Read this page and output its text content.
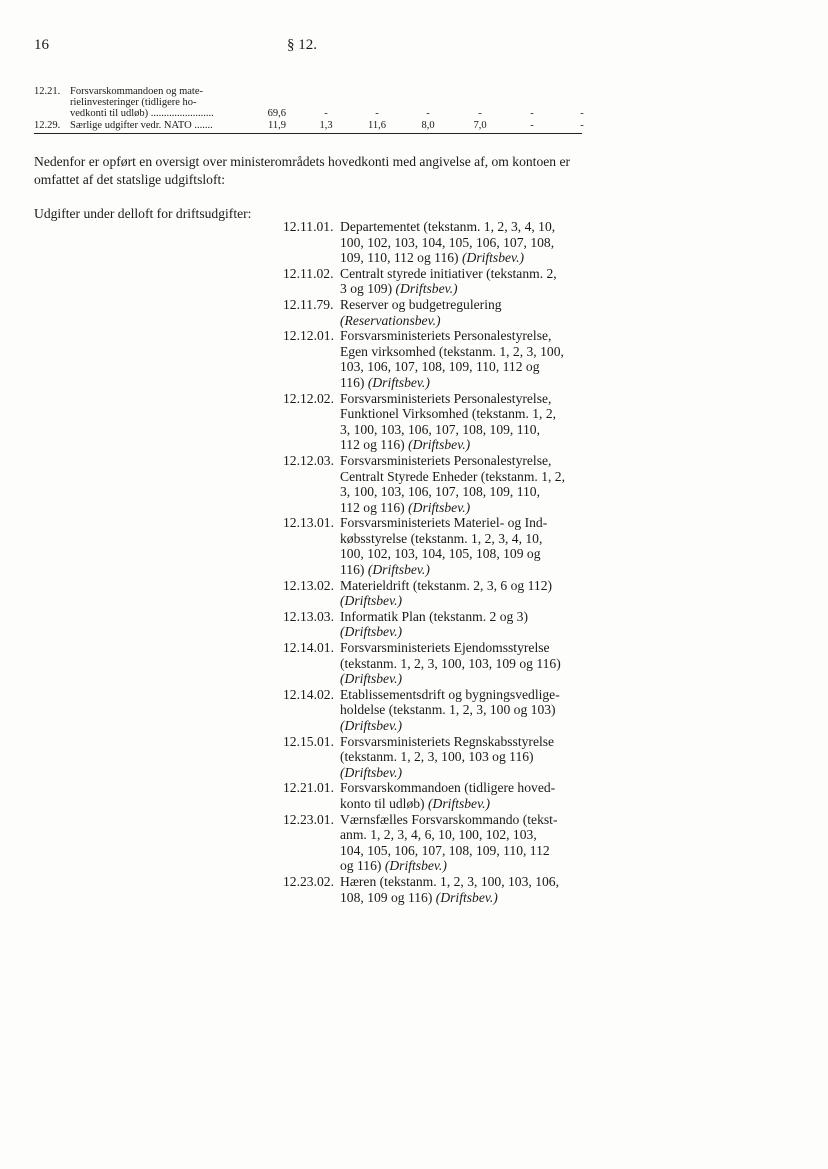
16	§ 12.
12.21. Forsvarskommandoen og mate-
rielinvesteringer (tidligere ho-
vedkonti til udløb) ........................	69,6	-	-	-	-	-	-
12.29. Særlige udgifter vedr. NATO .......	11,9	1,3	11,6	8,0	7,0	-	-
Nedenfor er opført en oversigt over ministerområdets hovedkonti med angivelse af, om kontoen er omfattet af det statslige udgiftsloft:
Udgifter under delloft for driftsudgifter:
12.11.01. Departementet (tekstanm. 1, 2, 3, 4, 10,
100, 102, 103, 104, 105, 106, 107, 108,
109, 110, 112 og 116) (Driftsbev.)
12.11.02. Centralt styrede initiativer (tekstanm. 2,
3 og 109) (Driftsbev.)
12.11.79. Reserver og budgetregulering
(Reservationsbev.)
12.12.01. Forsvarsministeriets Personalestyrelse,
Egen virksomhed (tekstanm. 1, 2, 3, 100,
103, 106, 107, 108, 109, 110, 112 og
116) (Driftsbev.)
12.12.02. Forsvarsministeriets Personalestyrelse,
Funktionel Virksomhed (tekstanm. 1, 2,
3, 100, 103, 106, 107, 108, 109, 110,
112 og 116) (Driftsbev.)
12.12.03. Forsvarsministeriets Personalestyrelse,
Centralt Styrede Enheder (tekstanm. 1, 2,
3, 100, 103, 106, 107, 108, 109, 110,
112 og 116) (Driftsbev.)
12.13.01. Forsvarsministeriets Materiel- og Ind-
købsstyrelse (tekstanm. 1, 2, 3, 4, 10,
100, 102, 103, 104, 105, 108, 109 og
116) (Driftsbev.)
12.13.02. Materieldrift (tekstanm. 2, 3, 6 og 112)
(Driftsbev.)
12.13.03. Informatik Plan (tekstanm. 2 og 3)
(Driftsbev.)
12.14.01. Forsvarsministeriets Ejendomsstyrelse
(tekstanm. 1, 2, 3, 100, 103, 109 og 116)
(Driftsbev.)
12.14.02. Etablissementsdrift og bygningsvedlige-
holdelse (tekstanm. 1, 2, 3, 100 og 103)
(Driftsbev.)
12.15.01. Forsvarsministeriets Regnskabsstyrelse
(tekstanm. 1, 2, 3, 100, 103 og 116)
(Driftsbev.)
12.21.01. Forsvarskommandoen (tidligere hoved-
konto til udløb) (Driftsbev.)
12.23.01. Værnsfælles Forsvarskommando (tekst-
anm. 1, 2, 3, 4, 6, 10, 100, 102, 103,
104, 105, 106, 107, 108, 109, 110, 112
og 116) (Driftsbev.)
12.23.02. Hæren (tekstanm. 1, 2, 3, 100, 103, 106,
108, 109 og 116) (Driftsbev.)
